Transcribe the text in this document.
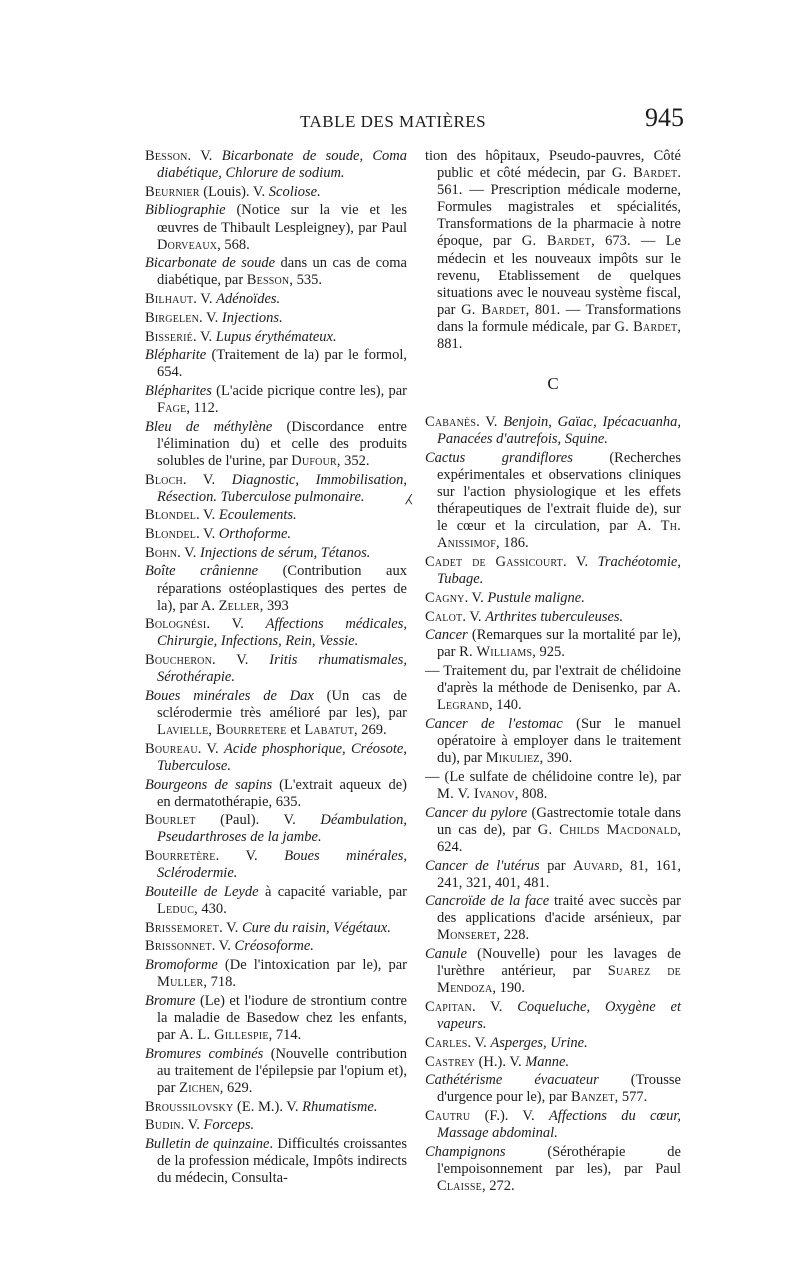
TABLE DES MATIÈRES	945

Besson. V. Bicarbonate de soude, Coma diabétique, Chlorure de sodium.

Beurnier (Louis). V. Scoliose.

Bibliographie (Notice sur la vie et les œuvres de Thibault Lespleigney), par Paul Dorveaux, 568.

Bicarbonate de soude dans un cas de coma diabétique, par Besson, 535.

Bilhaut. V. Adénoïdes.

Birgelen. V. Injections.

Bisserié. V. Lupus érythémateux.

Blépharite (Traitement de la) par le formol, 654.

Blépharites (L'acide picrique contre les), par Fage, 112.

Bleu de méthylène (Discordance entre l'élimination du) et celle des produits solubles de l'urine, par Dufour, 352.

Bloch. V. Diagnostic, Immobilisation, Résection. Tuberculose pulmonaire.

Blondel. V. Ecoulements.

Blondel. V. Orthoforme.

Bohn. V. Injections de sérum, Tétanos.

Boîte crânienne (Contribution aux réparations ostéoplastiques des pertes de la), par A. Zeller, 393

Bolognési. V. Affections médicales, Chirurgie, Infections, Rein, Vessie.

Boucheron. V. Iritis rhumatismales, Sérothérapie.

Boues minérales de Dax (Un cas de sclérodermie très amélioré par les), par Lavielle, Bourretere et Labatut, 269.

Boureau. V. Acide phosphorique, Créosote, Tuberculose.

Bourgeons de sapins (L'extrait aqueux de) en dermatothérapie, 635.

Bourlet (Paul). V. Déambulation, Pseudarthroses de la jambe.

Bourretère. V. Boues minérales, Sclérodermie.

Bouteille de Leyde à capacité variable, par Leduc, 430.

Brissemoret. V. Cure du raisin, Végétaux.

Brissonnet. V. Créosoforme.

Bromoforme (De l'intoxication par le), par Muller, 718.

Bromure (Le) et l'iodure de strontium contre la maladie de Basedow chez les enfants, par A. L. Gillespie, 714.

Bromures combinés (Nouvelle contribution au traitement de l'épilepsie par l'opium et), par Zichen, 629.

Broussilovsky (E. M.). V. Rhumatisme.

Budin. V. Forceps.

Bulletin de quinzaine. Difficultés croissantes de la profession médicale, Impôts indirects du médecin, Consulta-

tion des hôpitaux, Pseudo-pauvres, Côté public et côté médecin, par G. Bardet. 561. — Prescription médicale moderne, Formules magistrales et spécialités, Transformations de la pharmacie à notre époque, par G. Bardet, 673. — Le médecin et les nouveaux impôts sur le revenu, Etablissement de quelques situations avec le nouveau système fiscal, par G. Bardet, 801. — Transformations dans la formule médicale, par G. Bardet, 881.

C

Cabanès. V. Benjoin, Gaïac, Ipécacuanha, Panacées d'autrefois, Squine.

Cactus grandiflores (Recherches expérimentales et observations cliniques sur l'action physiologique et les effets thérapeutiques de l'extrait fluide de), sur le cœur et la circulation, par A. Th. Anissimof, 186.

Cadet de Gassicourt. V. Trachéotomie, Tubage.

Cagny. V. Pustule maligne.

Calot. V. Arthrites tuberculeuses.

Cancer (Remarques sur la mortalité par le), par R. Williams, 925.

— Traitement du, par l'extrait de chélidoine d'après la méthode de Denisenko, par A. Legrand, 140.

Cancer de l'estomac (Sur le manuel opératoire à employer dans le traitement du), par Mikuliez, 390.

— (Le sulfate de chélidoine contre le), par M. V. Ivanov, 808.

Cancer du pylore (Gastrectomie totale dans un cas de), par G. Childs Macdonald, 624.

Cancer de l'utérus par Auvard, 81, 161, 241, 321, 401, 481.

Cancroïde de la face traité avec succès par des applications d'acide arsénieux, par Monseret, 228.

Canule (Nouvelle) pour les lavages de l'urèthre antérieur, par Suarez de Mendoza, 190.

Capitan. V. Coqueluche, Oxygène et vapeurs.

Carles. V. Asperges, Urine.

Castrey (H.). V. Manne.

Cathétérisme évacuateur (Trousse d'urgence pour le), par Banzet, 577.

Cautru (F.). V. Affections du cœur, Massage abdominal.

Champignons (Sérothérapie de l'empoisonnement par les), par Paul Claisse, 272.

⁁
